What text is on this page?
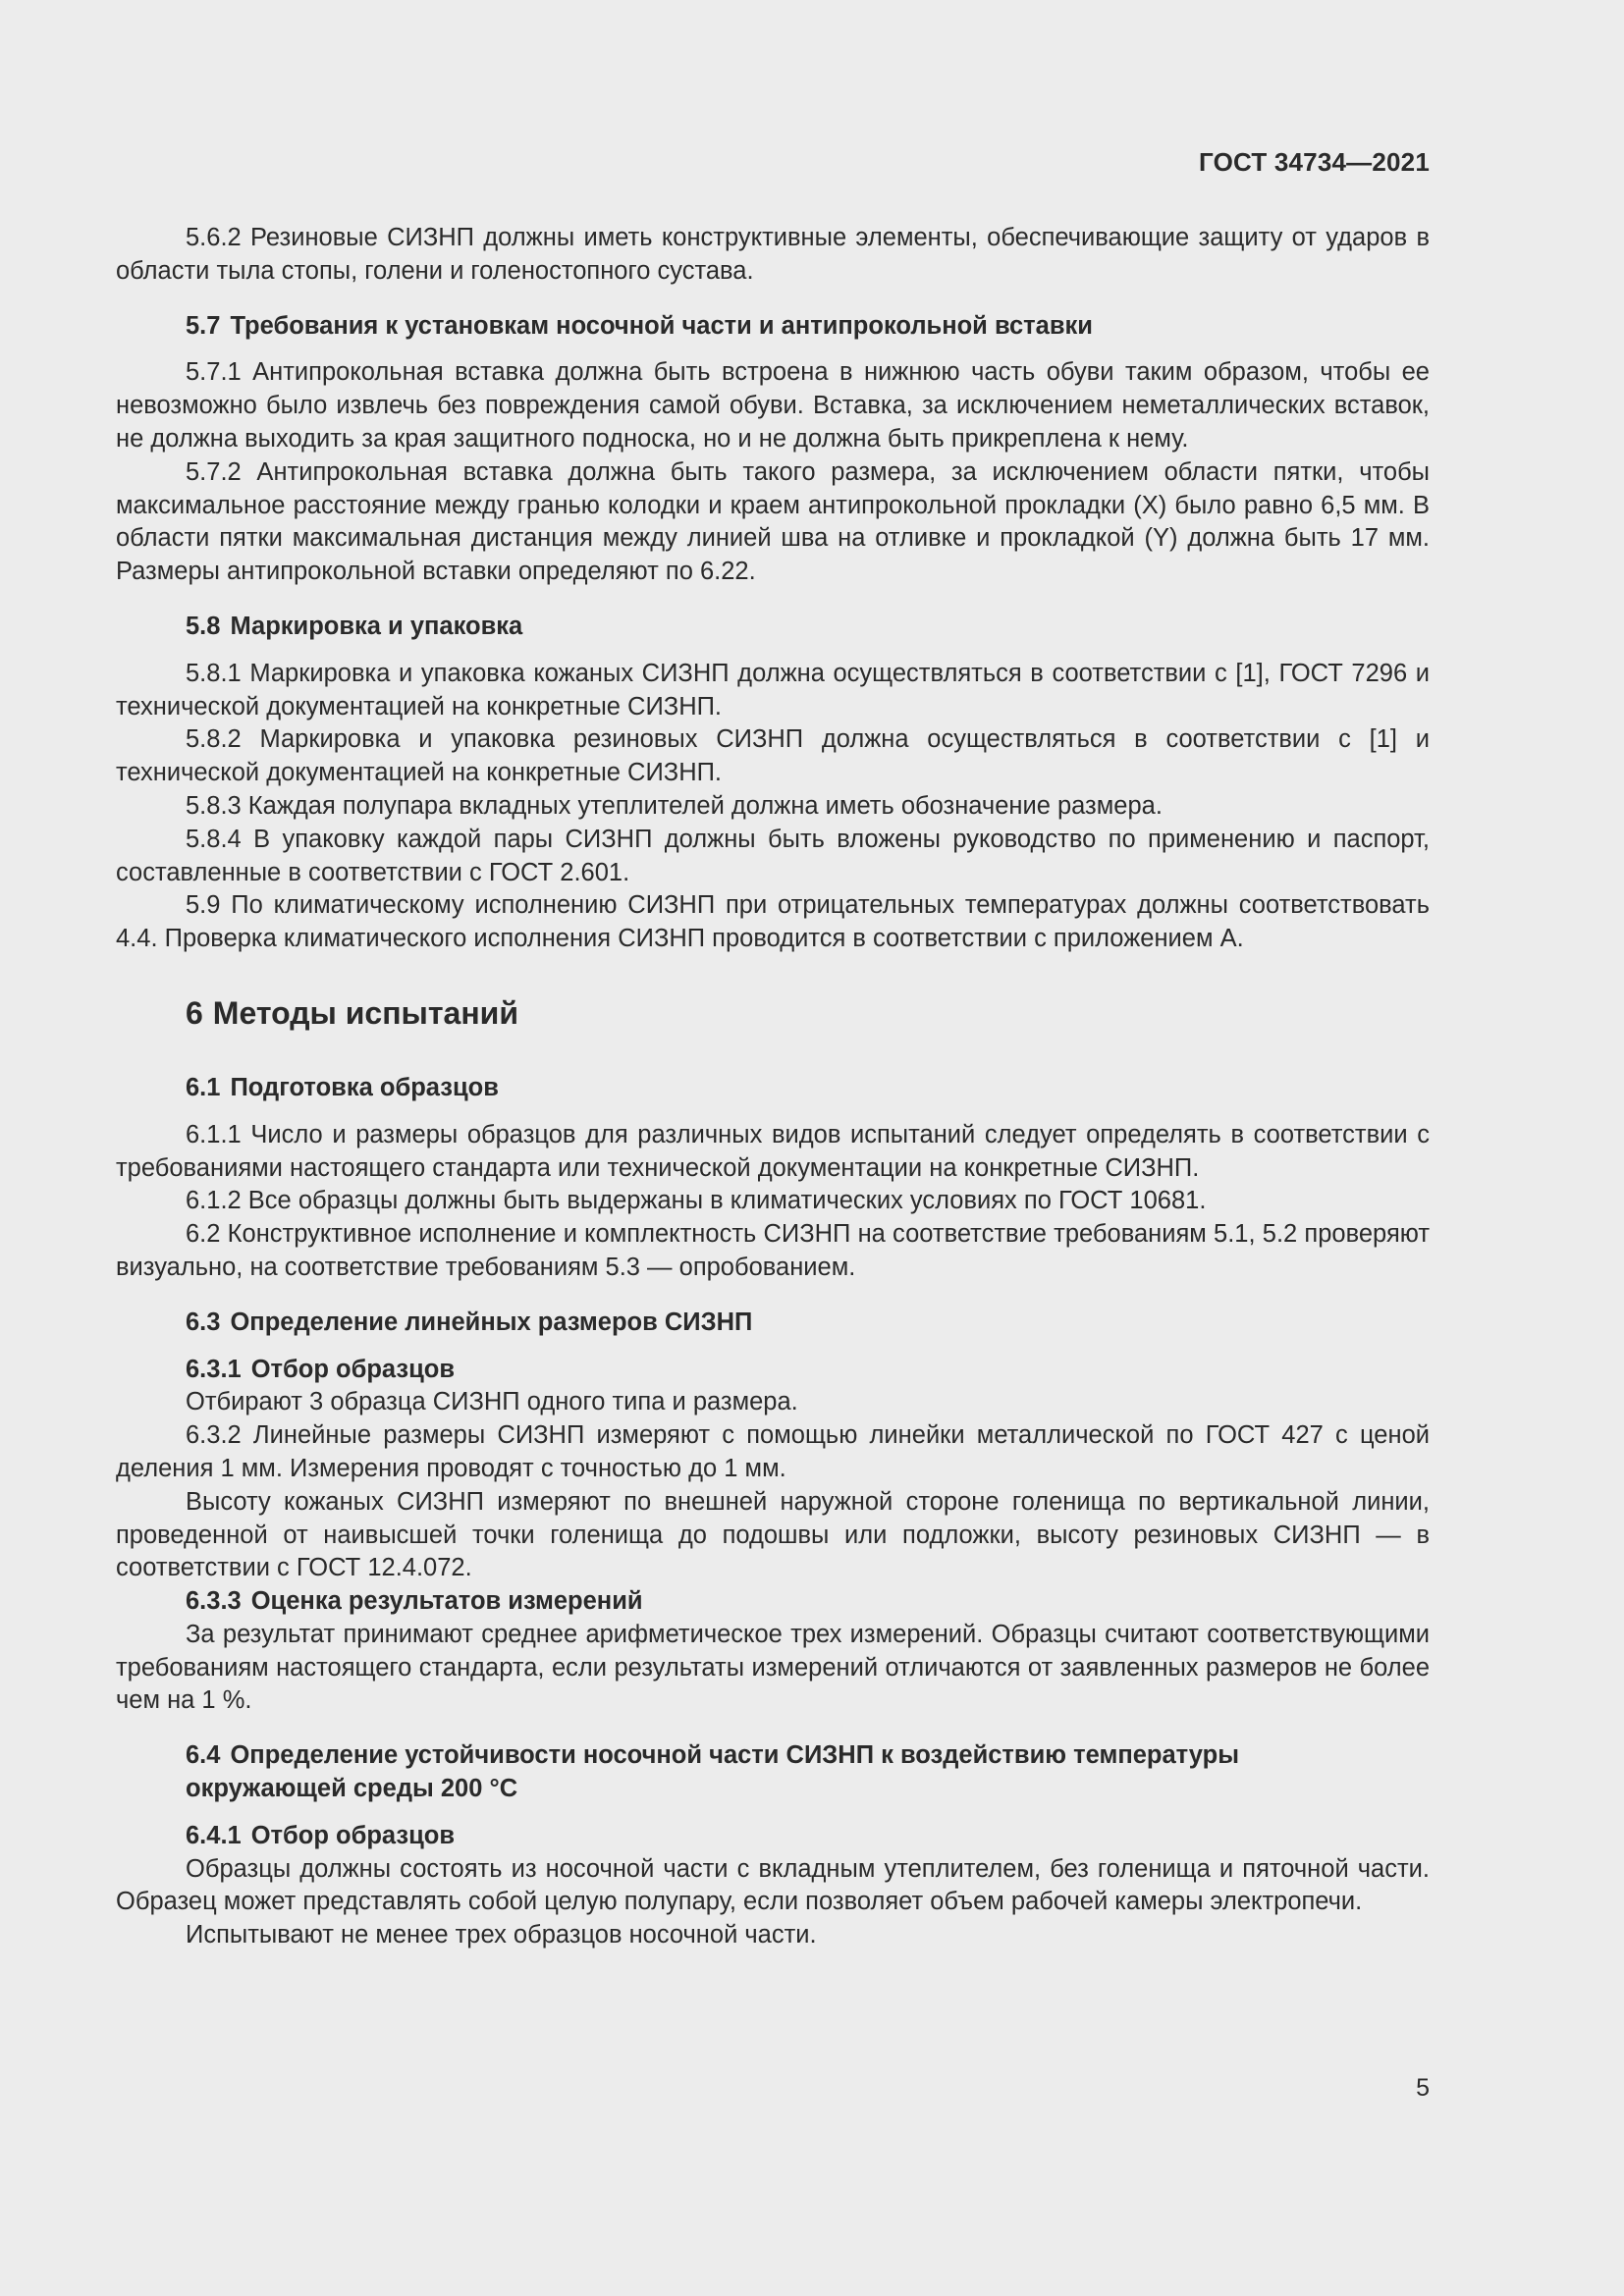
ГОСТ 34734—2021

5.6.2 Резиновые СИЗНП должны иметь конструктивные элементы, обеспечивающие защиту от ударов в области тыла стопы, голени и голеностопного сустава.

5.7 Требования к установкам носочной части и антипрокольной вставки

5.7.1 Антипрокольная вставка должна быть встроена в нижнюю часть обуви таким образом, чтобы ее невозможно было извлечь без повреждения самой обуви. Вставка, за исключением неметаллических вставок, не должна выходить за края защитного подноска, но и не должна быть прикреплена к нему.

5.7.2 Антипрокольная вставка должна быть такого размера, за исключением области пятки, чтобы максимальное расстояние между гранью колодки и краем антипрокольной прокладки (X) было равно 6,5 мм. В области пятки максимальная дистанция между линией шва на отливке и прокладкой (Y) должна быть 17 мм. Размеры антипрокольной вставки определяют по 6.22.

5.8 Маркировка и упаковка

5.8.1 Маркировка и упаковка кожаных СИЗНП должна осуществляться в соответствии с [1], ГОСТ 7296 и технической документацией на конкретные СИЗНП.

5.8.2 Маркировка и упаковка резиновых СИЗНП должна осуществляться в соответствии с [1] и технической документацией на конкретные СИЗНП.

5.8.3 Каждая полупара вкладных утеплителей должна иметь обозначение размера.

5.8.4 В упаковку каждой пары СИЗНП должны быть вложены руководство по применению и паспорт, составленные в соответствии с ГОСТ 2.601.

5.9 По климатическому исполнению СИЗНП при отрицательных температурах должны соответствовать 4.4. Проверка климатического исполнения СИЗНП проводится в соответствии с приложением А.

6 Методы испытаний
6.1 Подготовка образцов

6.1.1 Число и размеры образцов для различных видов испытаний следует определять в соответствии с требованиями настоящего стандарта или технической документации на конкретные СИЗНП.

6.1.2 Все образцы должны быть выдержаны в климатических условиях по ГОСТ 10681.

6.2 Конструктивное исполнение и комплектность СИЗНП на соответствие требованиям 5.1, 5.2 проверяют визуально, на соответствие требованиям 5.3 — опробованием.

6.3 Определение линейных размеров СИЗНП
6.3.1 Отбор образцов

Отбирают 3 образца СИЗНП одного типа и размера.

6.3.2 Линейные размеры СИЗНП измеряют с помощью линейки металлической по ГОСТ 427 с ценой деления 1 мм. Измерения проводят с точностью до 1 мм.

Высоту кожаных СИЗНП измеряют по внешней наружной стороне голенища по вертикальной линии, проведенной от наивысшей точки голенища до подошвы или подложки, высоту резиновых СИЗНП — в соответствии с ГОСТ 12.4.072.

6.3.3 Оценка результатов измерений

За результат принимают среднее арифметическое трех измерений. Образцы считают соответствующими требованиям настоящего стандарта, если результаты измерений отличаются от заявленных размеров не более чем на 1 %.

6.4 Определение устойчивости носочной части СИЗНП к воздействию температуры окружающей среды 200 °С
6.4.1 Отбор образцов

Образцы должны состоять из носочной части с вкладным утеплителем, без голенища и пяточной части. Образец может представлять собой целую полупару, если позволяет объем рабочей камеры электропечи.

Испытывают не менее трех образцов носочной части.

5
